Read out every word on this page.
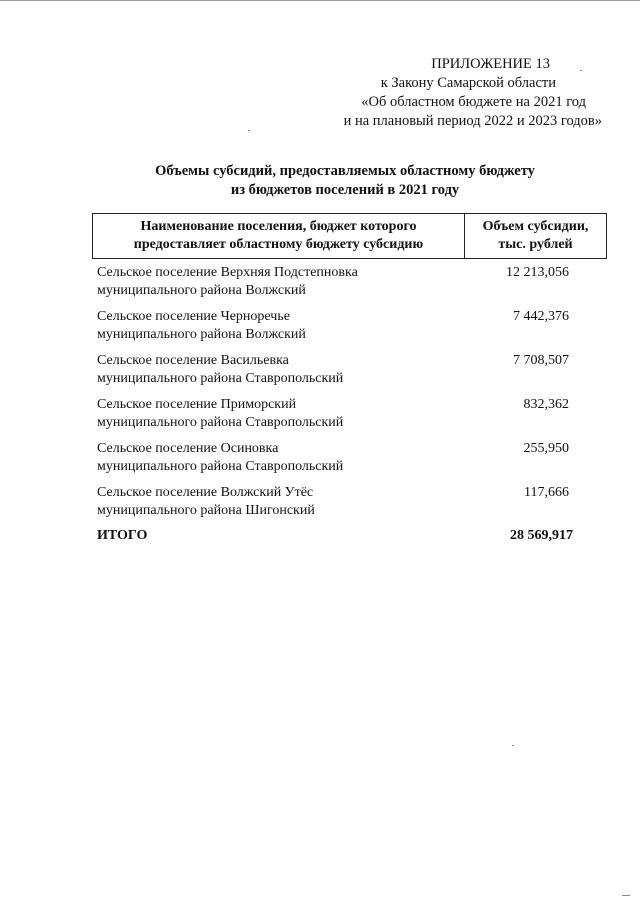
ПРИЛОЖЕНИЕ 13
к Закону Самарской области
«Об областном бюджете на 2021 год
и на плановый период 2022 и 2023 годов»
Объемы субсидий, предоставляемых областному бюджету
из бюджетов поселений в 2021 году
Наименование поселения, бюджет которого
предоставляет областному бюджету субсидию
Объем субсидии,
тыс. рублей
Сельское поселение Верхняя Подстепновка
муниципального района Волжский
12 213,056
Сельское поселение Черноречье
муниципального района Волжский
7 442,376
Сельское поселение Васильевка
муниципального района Ставропольский
7 708,507
Сельское поселение Приморский
муниципального района Ставропольский
832,362
Сельское поселение Осиновка
муниципального района Ставропольский
255,950
Сельское поселение Волжский Утёс
муниципального района Шигонский
117,666
ИТОГО	28 569,917
